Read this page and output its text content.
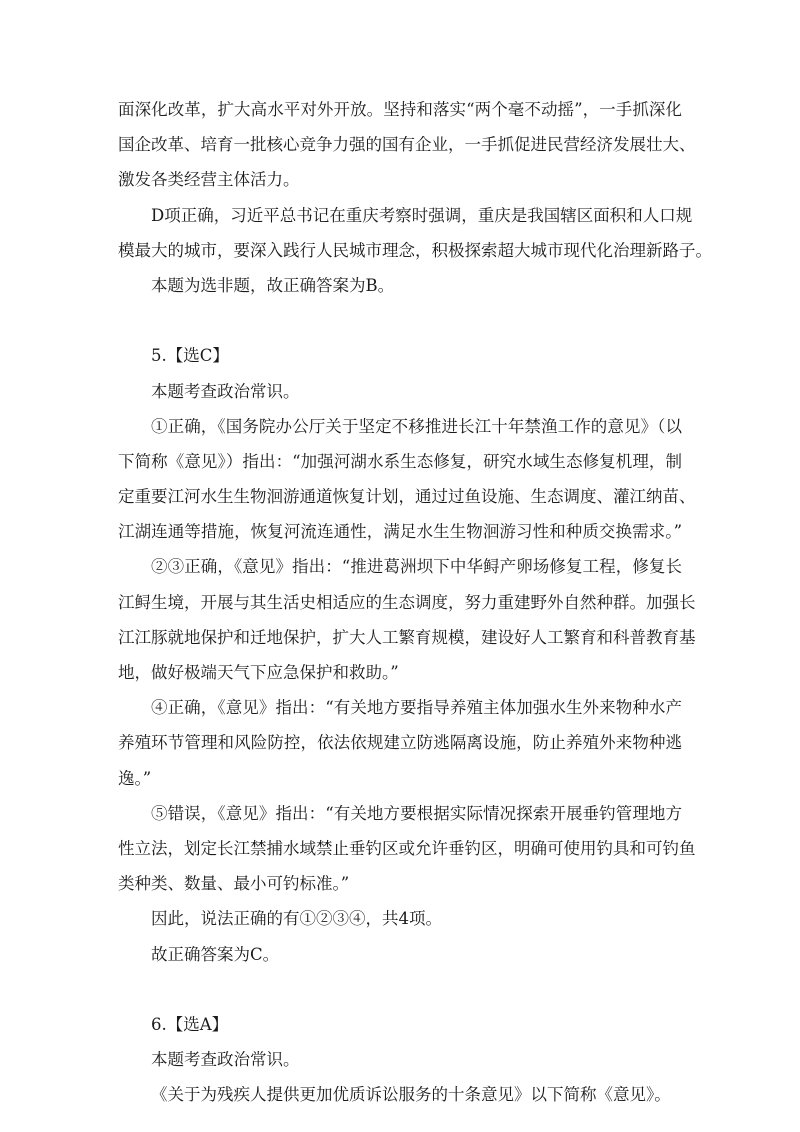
面深化改革，扩大高水平对外开放。坚持和落实“两个毫不动摇”，一手抓深化
国企改革、培育一批核心竞争力强的国有企业，一手抓促进民营经济发展壮大、
激发各类经营主体活力。
D项正确，习近平总书记在重庆考察时强调，重庆是我国辖区面积和人口规
模最大的城市，要深入践行人民城市理念，积极探索超大城市现代化治理新路子。
本题为选非题，故正确答案为B。
5.【选C】
本题考查政治常识。
①正确，《国务院办公厅关于坚定不移推进长江十年禁渔工作的意见》（以
下简称《意见》）指出：“加强河湖水系生态修复，研究水域生态修复机理，制
定重要江河水生生物洄游通道恢复计划，通过过鱼设施、生态调度、灌江纳苗、
江湖连通等措施，恢复河流连通性，满足水生生物洄游习性和种质交换需求。”
②③正确，《意见》指出：“推进葛洲坝下中华鲟产卵场修复工程，修复长
江鲟生境，开展与其生活史相适应的生态调度，努力重建野外自然种群。加强长
江江豚就地保护和迁地保护，扩大人工繁育规模，建设好人工繁育和科普教育基
地，做好极端天气下应急保护和救助。”
④正确，《意见》指出：“有关地方要指导养殖主体加强水生外来物种水产
养殖环节管理和风险防控，依法依规建立防逃隔离设施，防止养殖外来物种逃
逸。”
⑤错误，《意见》指出：“有关地方要根据实际情况探索开展垂钓管理地方
性立法，划定长江禁捕水域禁止垂钓区或允许垂钓区，明确可使用钓具和可钓鱼
类种类、数量、最小可钓标准。”
因此，说法正确的有①②③④，共4项。
故正确答案为C。
6.【选A】
本题考查政治常识。
《关于为残疾人提供更加优质诉讼服务的十条意见》以下简称《意见》。
